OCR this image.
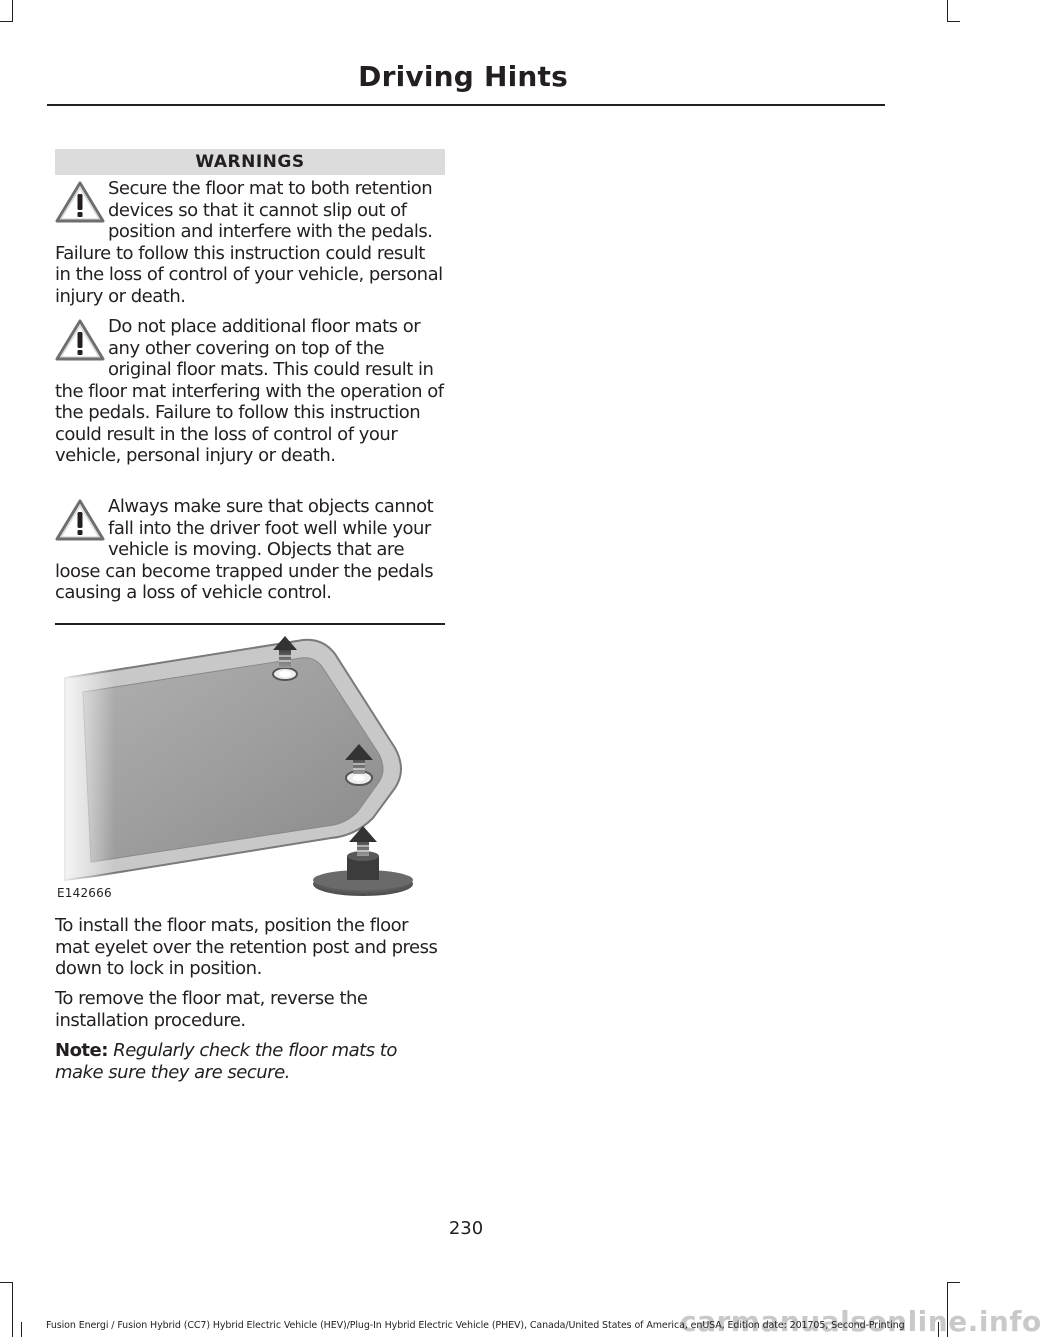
Driving Hints
WARNINGS

Secure the floor mat to both retention devices so that it cannot slip out of position and interfere with the pedals. Failure to follow this instruction could result in the loss of control of your vehicle, personal injury or death.

Do not place additional floor mats or any other covering on top of the original floor mats. This could result in the floor mat interfering with the operation of the pedals. Failure to follow this instruction could result in the loss of control of your vehicle, personal injury or death.

Always make sure that objects cannot fall into the driver foot well while your vehicle is moving. Objects that are loose can become trapped under the pedals causing a loss of vehicle control.

E142666

To install the floor mats, position the floor mat eyelet over the retention post and press down to lock in position.

To remove the floor mat, reverse the installation procedure.

Note: Regularly check the floor mats to make sure they are secure.

230
carmanualsonline.info
Fusion Energi / Fusion Hybrid (CC7) Hybrid Electric Vehicle (HEV)/Plug-In Hybrid Electric Vehicle (PHEV), Canada/United States of America, enUSA, Edition date: 201705, Second-Printing
